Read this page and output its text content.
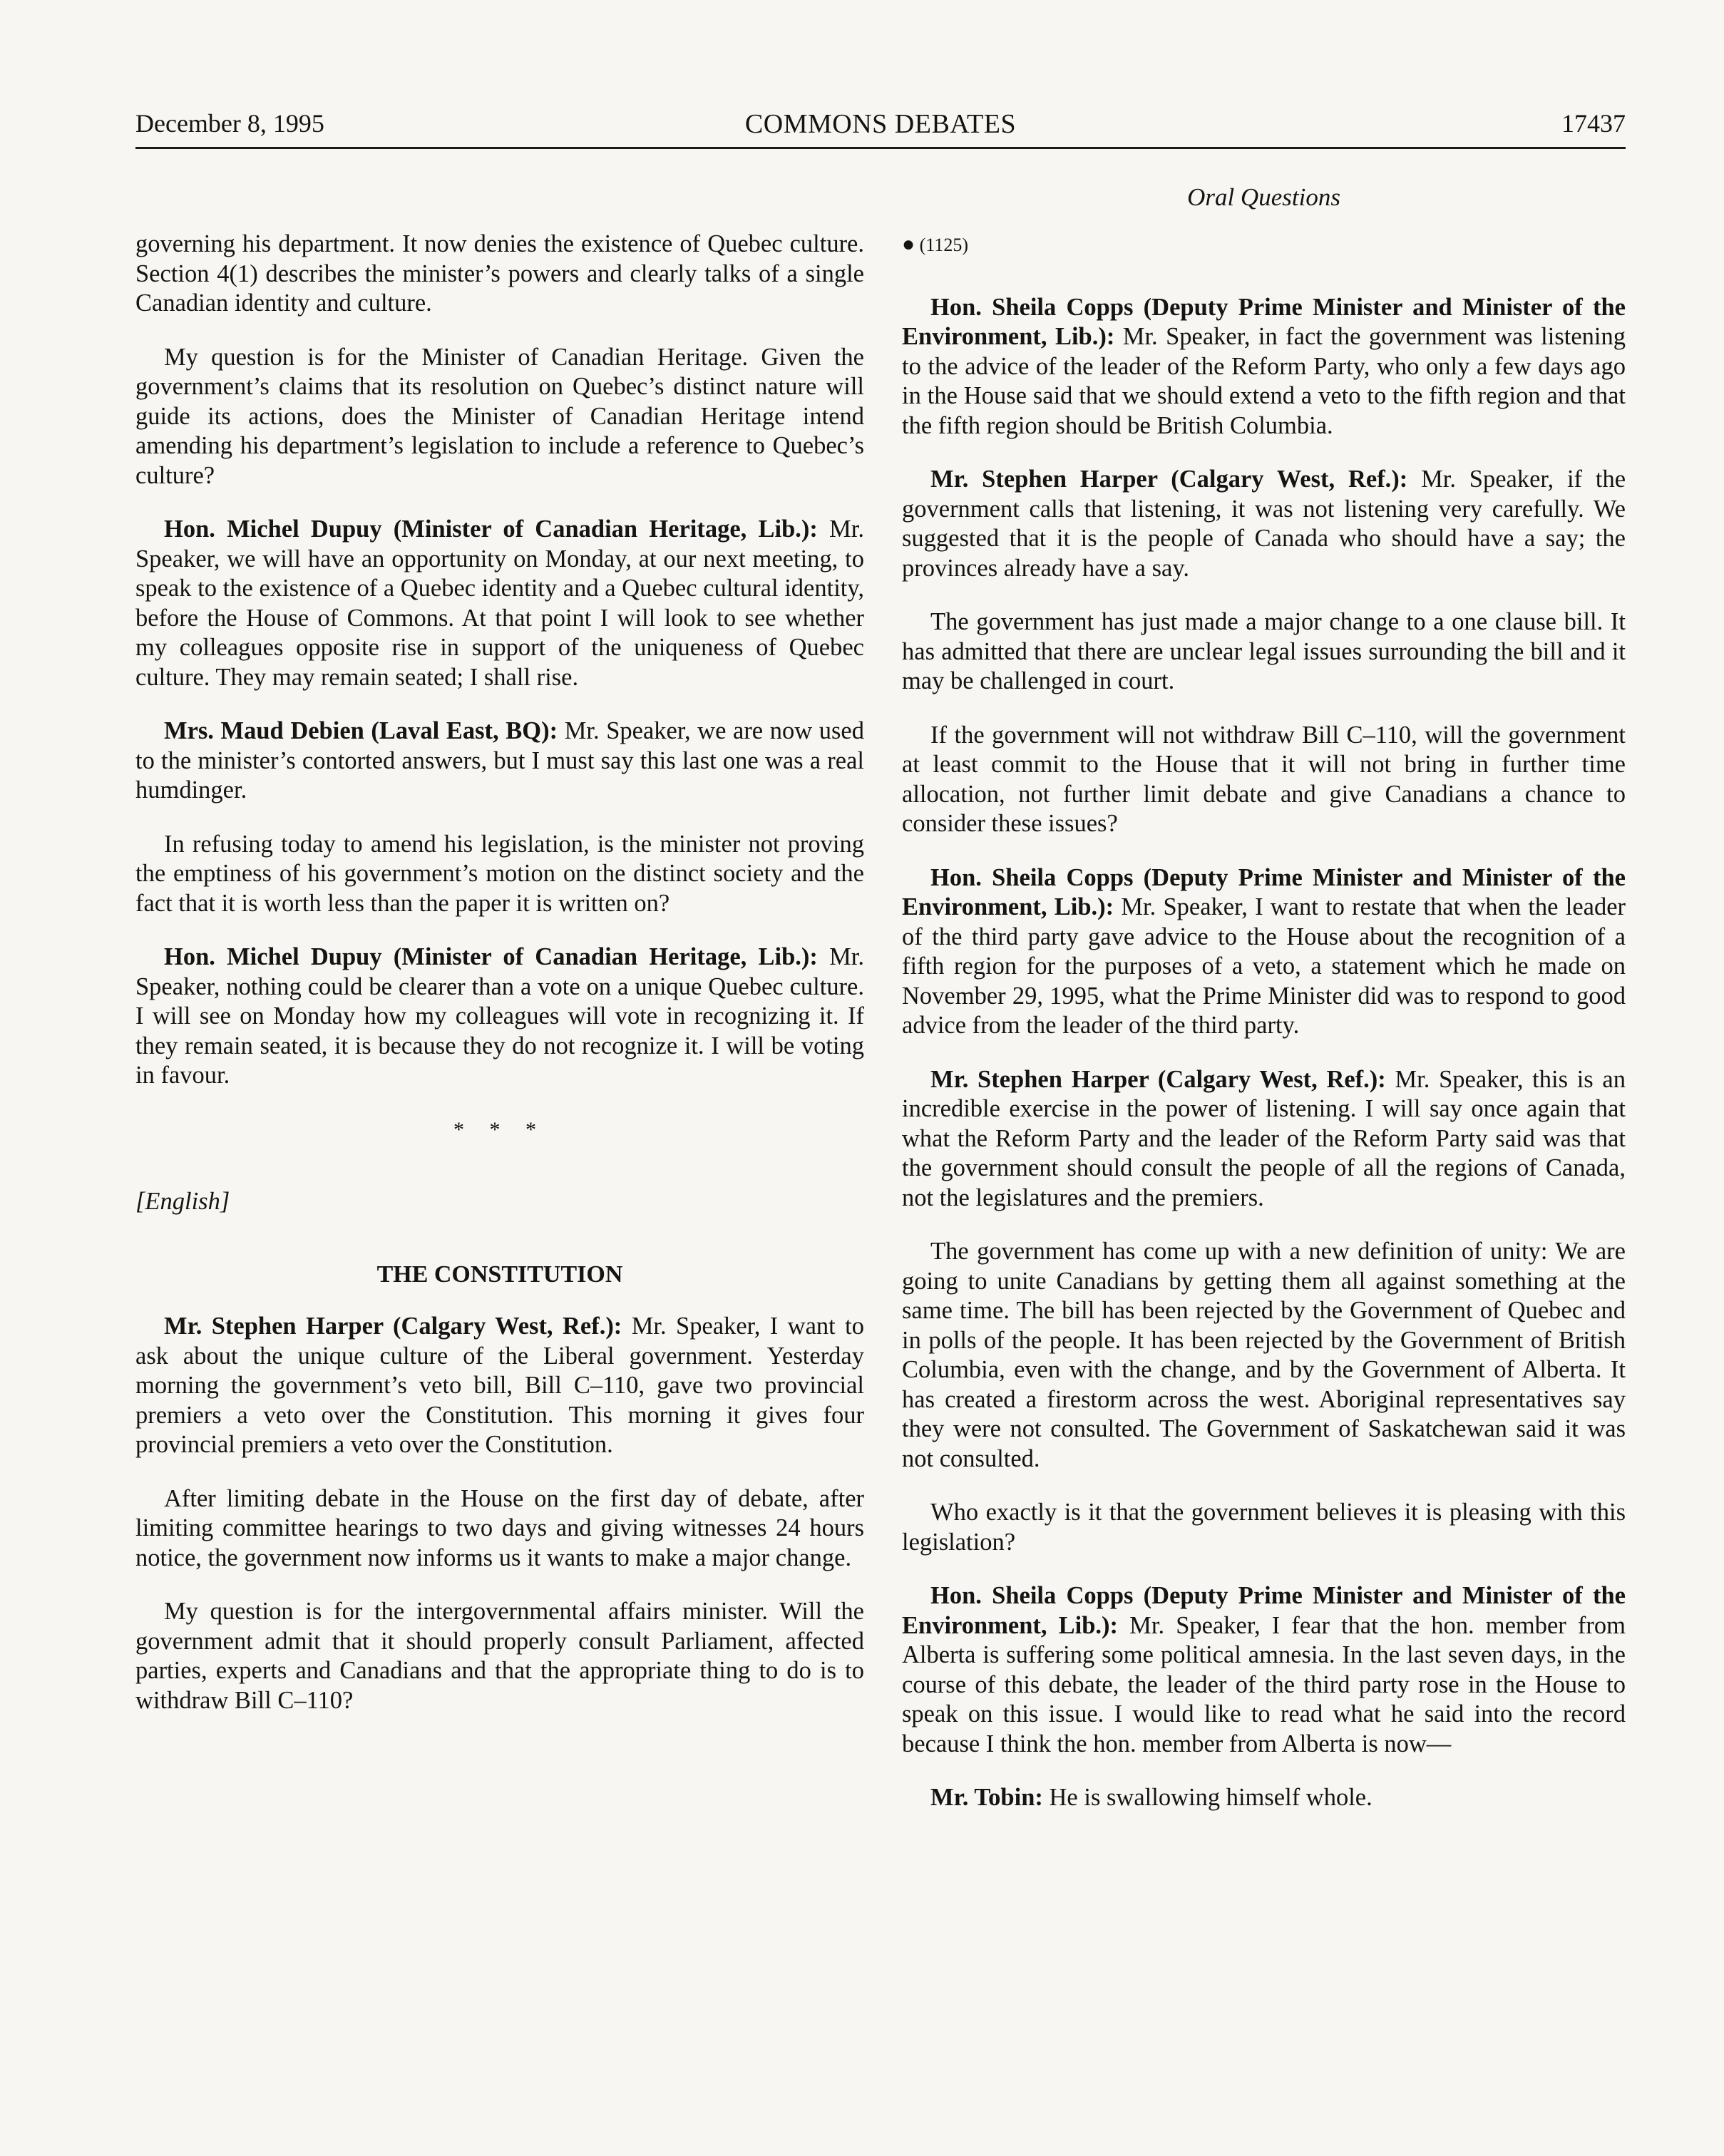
December 8, 1995	COMMONS DEBATES	17437
Oral Questions

governing his department. It now denies the existence of Quebec culture. Section 4(1) describes the minister’s powers and clearly talks of a single Canadian identity and culture.

My question is for the Minister of Canadian Heritage. Given the government’s claims that its resolution on Quebec’s distinct nature will guide its actions, does the Minister of Canadian Heritage intend amending his department’s legislation to include a reference to Quebec’s culture?

Hon. Michel Dupuy (Minister of Canadian Heritage, Lib.): Mr. Speaker, we will have an opportunity on Monday, at our next meeting, to speak to the existence of a Quebec identity and a Quebec cultural identity, before the House of Commons. At that point I will look to see whether my colleagues opposite rise in support of the uniqueness of Quebec culture. They may remain seated; I shall rise.

Mrs. Maud Debien (Laval East, BQ): Mr. Speaker, we are now used to the minister’s contorted answers, but I must say this last one was a real humdinger.

In refusing today to amend his legislation, is the minister not proving the emptiness of his government’s motion on the distinct society and the fact that it is worth less than the paper it is written on?

Hon. Michel Dupuy (Minister of Canadian Heritage, Lib.): Mr. Speaker, nothing could be clearer than a vote on a unique Quebec culture. I will see on Monday how my colleagues will vote in recognizing it. If they remain seated, it is because they do not recognize it. I will be voting in favour.

* * *
[English]
THE CONSTITUTION

Mr. Stephen Harper (Calgary West, Ref.): Mr. Speaker, I want to ask about the unique culture of the Liberal government. Yesterday morning the government’s veto bill, Bill C–110, gave two provincial premiers a veto over the Constitution. This morning it gives four provincial premiers a veto over the Constitution.

After limiting debate in the House on the first day of debate, after limiting committee hearings to two days and giving witnesses 24 hours notice, the government now informs us it wants to make a major change.

My question is for the intergovernmental affairs minister. Will the government admit that it should properly consult Parliament, affected parties, experts and Canadians and that the appropriate thing to do is to withdraw Bill C–110?

● (1125)

Hon. Sheila Copps (Deputy Prime Minister and Minister of the Environment, Lib.): Mr. Speaker, in fact the government was listening to the advice of the leader of the Reform Party, who only a few days ago in the House said that we should extend a veto to the fifth region and that the fifth region should be British Columbia.

Mr. Stephen Harper (Calgary West, Ref.): Mr. Speaker, if the government calls that listening, it was not listening very carefully. We suggested that it is the people of Canada who should have a say; the provinces already have a say.

The government has just made a major change to a one clause bill. It has admitted that there are unclear legal issues surrounding the bill and it may be challenged in court.

If the government will not withdraw Bill C–110, will the government at least commit to the House that it will not bring in further time allocation, not further limit debate and give Canadians a chance to consider these issues?

Hon. Sheila Copps (Deputy Prime Minister and Minister of the Environment, Lib.): Mr. Speaker, I want to restate that when the leader of the third party gave advice to the House about the recognition of a fifth region for the purposes of a veto, a statement which he made on November 29, 1995, what the Prime Minister did was to respond to good advice from the leader of the third party.

Mr. Stephen Harper (Calgary West, Ref.): Mr. Speaker, this is an incredible exercise in the power of listening. I will say once again that what the Reform Party and the leader of the Reform Party said was that the government should consult the people of all the regions of Canada, not the legislatures and the premiers.

The government has come up with a new definition of unity: We are going to unite Canadians by getting them all against something at the same time. The bill has been rejected by the Government of Quebec and in polls of the people. It has been rejected by the Government of British Columbia, even with the change, and by the Government of Alberta. It has created a firestorm across the west. Aboriginal representatives say they were not consulted. The Government of Saskatchewan said it was not consulted.

Who exactly is it that the government believes it is pleasing with this legislation?

Hon. Sheila Copps (Deputy Prime Minister and Minister of the Environment, Lib.): Mr. Speaker, I fear that the hon. member from Alberta is suffering some political amnesia. In the last seven days, in the course of this debate, the leader of the third party rose in the House to speak on this issue. I would like to read what he said into the record because I think the hon. member from Alberta is now—

Mr. Tobin: He is swallowing himself whole.
